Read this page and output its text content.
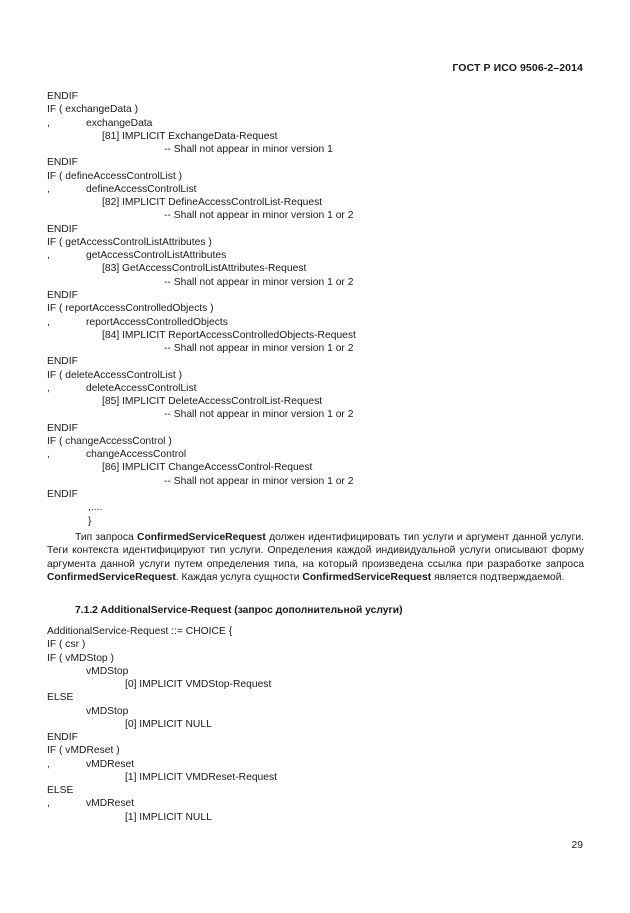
ГОСТ Р ИСО 9506-2–2014
ENDIF
IF ( exchangeData )
,	exchangeData
[81] IMPLICIT ExchangeData-Request
-- Shall not appear in minor version 1
ENDIF
IF ( defineAccessControlList )
,	defineAccessControlList
[82] IMPLICIT DefineAccessControlList-Request
-- Shall not appear in minor version 1 or 2
ENDIF
IF ( getAccessControlListAttributes )
,	getAccessControlListAttributes
[83] GetAccessControlListAttributes-Request
-- Shall not appear in minor version 1 or 2
ENDIF
IF ( reportAccessControlledObjects )
,	reportAccessControlledObjects
[84] IMPLICIT ReportAccessControlledObjects-Request
-- Shall not appear in minor version 1 or 2
ENDIF
IF ( deleteAccessControlList )
,	deleteAccessControlList
[85] IMPLICIT DeleteAccessControlList-Request
-- Shall not appear in minor version 1 or 2
ENDIF
IF ( changeAccessControl )
,	changeAccessControl
[86] IMPLICIT ChangeAccessControl-Request
-- Shall not appear in minor version 1 or 2
ENDIF
,....
}

Тип запроса ConfirmedServiceRequest должен идентифицировать тип услуги и аргумент данной услуги. Теги контекста идентифицируют тип услуги. Определения каждой индивидуальной услуги описывают форму аргумента данной услуги путем определения типа, на который произведена ссылка при разработке запроса ConfirmedServiceRequest. Каждая услуга сущности ConfirmedServiceRequest является подтверждаемой.

7.1.2 AdditionalService-Request (запрос дополнительной услуги)
AdditionalService-Request ::= CHOICE {
IF ( csr )
IF ( vMDStop )
vMDStop
[0] IMPLICIT VMDStop-Request
ELSE
vMDStop
[0] IMPLICIT NULL
ENDIF
IF ( vMDReset )
,	vMDReset
[1] IMPLICIT VMDReset-Request
ELSE
,	vMDReset
[1] IMPLICIT NULL
29
